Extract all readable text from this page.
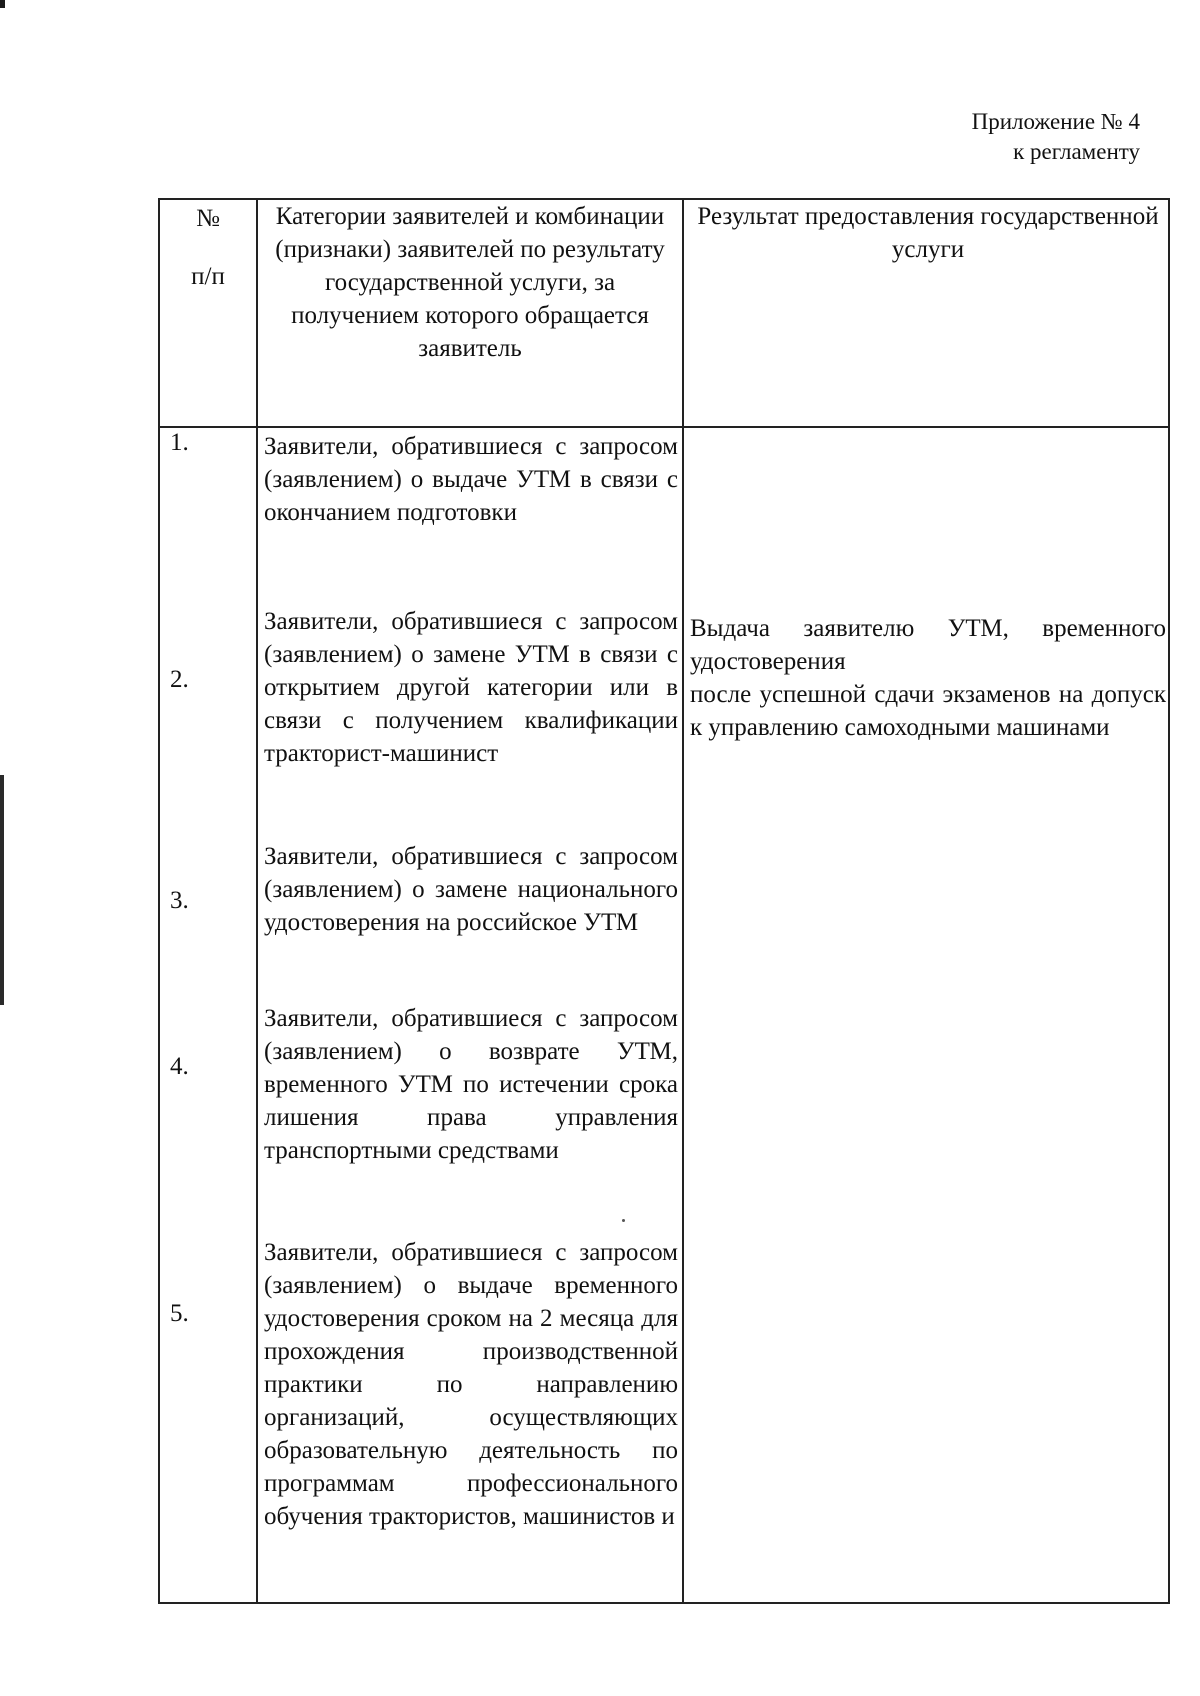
Приложение № 4
к регламенту
№
п/п
Категории заявителей и комбинации (признаки) заявителей по результату государственной услуги, за получением которого обращается заявитель
Результат предоставления государственной услуги
1.	Заявители, обратившиеся с запросом (заявлением) о выдаче УТМ в связи с окончанием подготовки
2.
Заявители, обратившиеся с запросом (заявлением) о замене УТМ в связи с открытием другой категории или в связи с получением квалификации тракторист-машинист
3.
Заявители, обратившиеся с запросом (заявлением) о замене национального удостоверения на российское УТМ
4.
Заявители, обратившиеся с запросом (заявлением) о возврате УТМ, временного УТМ по истечении срока лишения права управления транспортными средствами
5.
Заявители, обратившиеся с запросом (заявлением) о выдаче временного удостоверения сроком на 2 месяца для прохождения производственной практики по направлению организаций, осуществляющих образовательную деятельность по программам профессионального обучения трактористов, машинистов и
Выдача заявителю УТМ, временного удостоверения
после успешной сдачи экзаменов на допуск к управлению самоходными машинами
